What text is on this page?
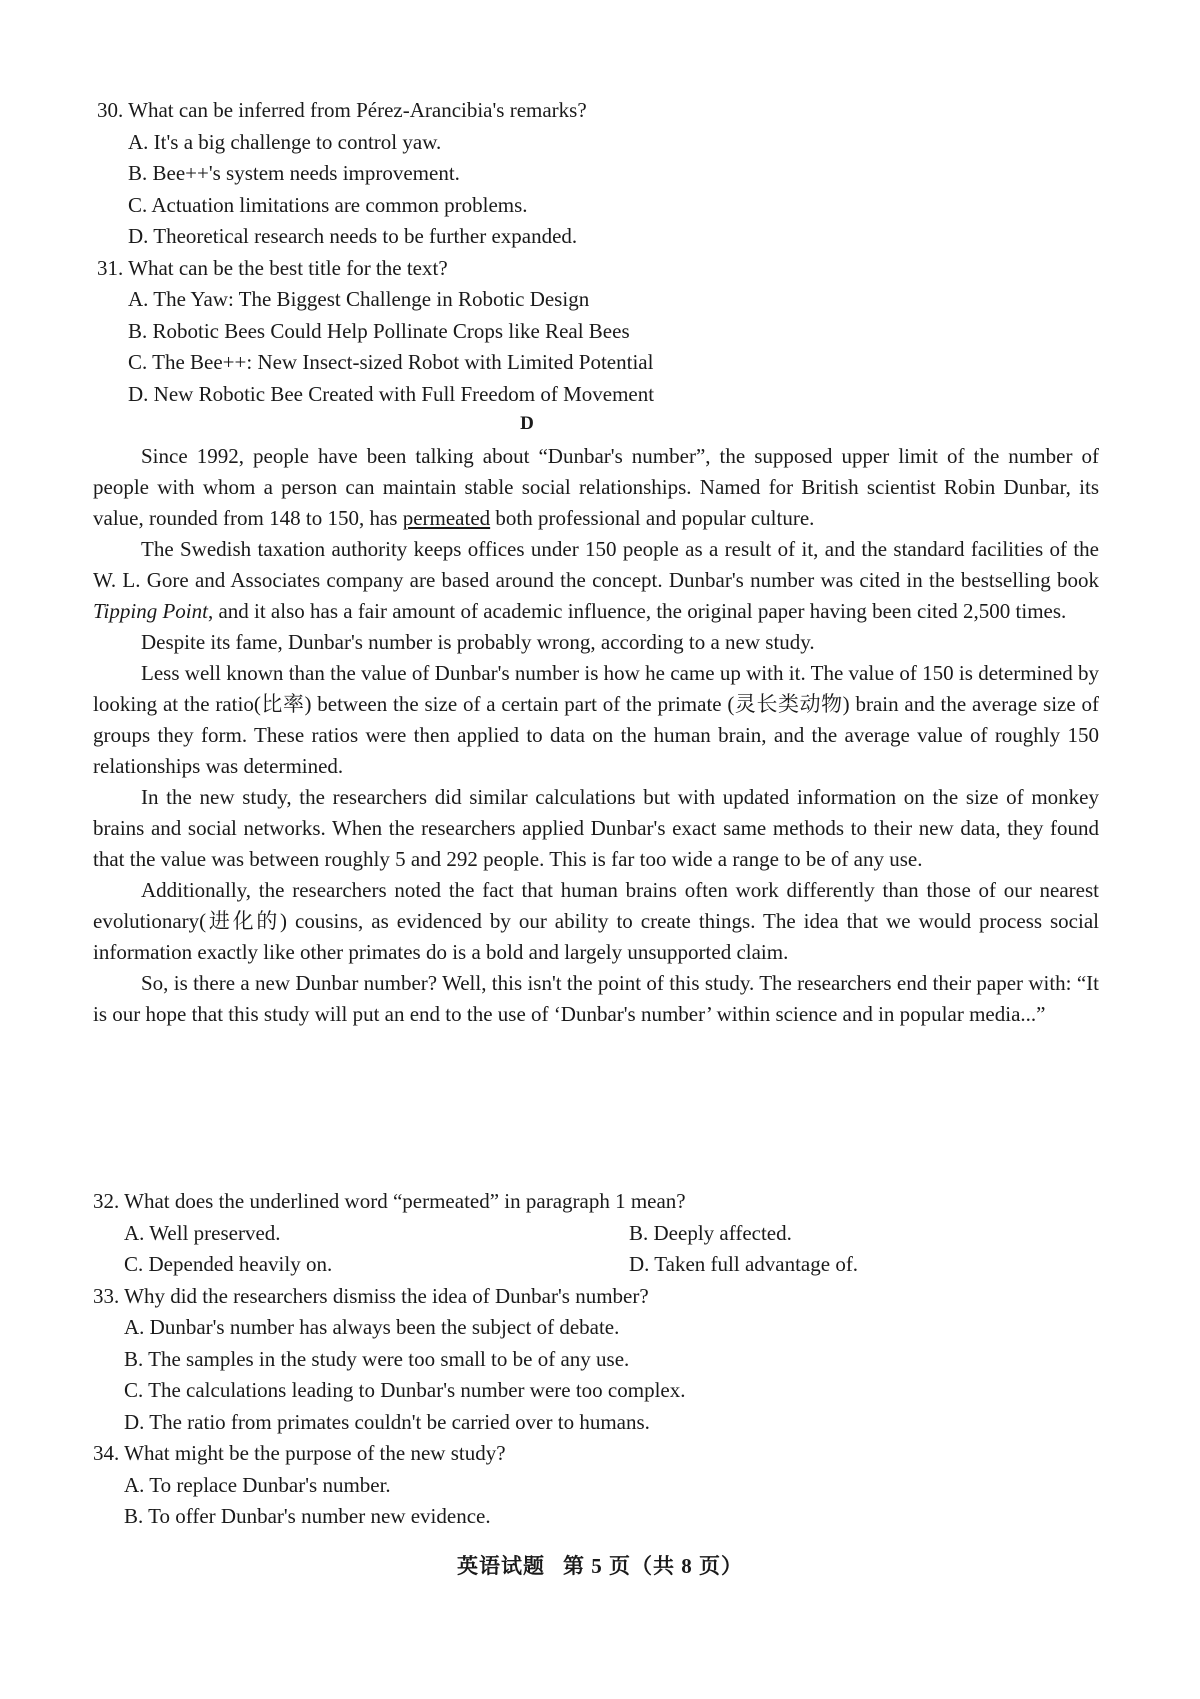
30. What can be inferred from Pérez-Arancibia's remarks?

A. It's a big challenge to control yaw.

B. Bee++'s system needs improvement.

C. Actuation limitations are common problems.

D. Theoretical research needs to be further expanded.

31. What can be the best title for the text?

A. The Yaw: The Biggest Challenge in Robotic Design

B. Robotic Bees Could Help Pollinate Crops like Real Bees

C. The Bee++: New Insect-sized Robot with Limited Potential

D. New Robotic Bee Created with Full Freedom of Movement

D

Since 1992, people have been talking about “Dunbar's number”, the supposed upper limit of the number of people with whom a person can maintain stable social relationships. Named for British scientist Robin Dunbar, its value, rounded from 148 to 150, has permeated both professional and popular culture.

The Swedish taxation authority keeps offices under 150 people as a result of it, and the standard facilities of the W. L. Gore and Associates company are based around the concept. Dunbar's number was cited in the bestselling book Tipping Point, and it also has a fair amount of academic influence, the original paper having been cited 2,500 times.

Despite its fame, Dunbar's number is probably wrong, according to a new study.

Less well known than the value of Dunbar's number is how he came up with it. The value of 150 is determined by looking at the ratio(比率) between the size of a certain part of the primate (灵长类动物) brain and the average size of groups they form. These ratios were then applied to data on the human brain, and the average value of roughly 150 relationships was determined.

In the new study, the researchers did similar calculations but with updated information on the size of monkey brains and social networks. When the researchers applied Dunbar's exact same methods to their new data, they found that the value was between roughly 5 and 292 people. This is far too wide a range to be of any use.

Additionally, the researchers noted the fact that human brains often work differently than those of our nearest evolutionary(进化的) cousins, as evidenced by our ability to create things. The idea that we would process social information exactly like other primates do is a bold and largely unsupported claim.

So, is there a new Dunbar number? Well, this isn't the point of this study. The researchers end their paper with: “It is our hope that this study will put an end to the use of ‘Dunbar's number’ within science and in popular media...”

32. What does the underlined word “permeated” in paragraph 1 mean?

A. Well preserved.	B. Deeply affected.

C. Depended heavily on.	D. Taken full advantage of.

33. Why did the researchers dismiss the idea of Dunbar's number?

A. Dunbar's number has always been the subject of debate.

B. The samples in the study were too small to be of any use.

C. The calculations leading to Dunbar's number were too complex.

D. The ratio from primates couldn't be carried over to humans.

34. What might be the purpose of the new study?

A. To replace Dunbar's number.

B. To offer Dunbar's number new evidence.

英语试题 第 5 页（共 8 页）
